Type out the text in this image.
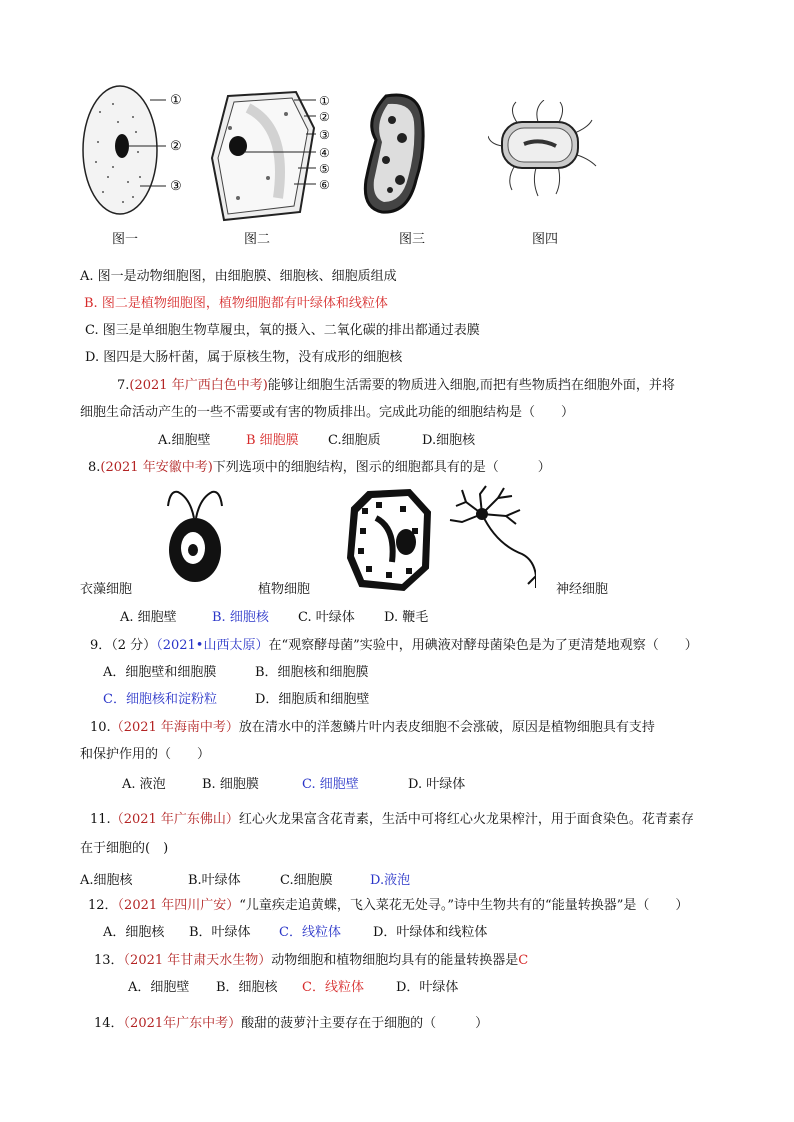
①
②
③
图一
①
②
③
④
⑤
⑥
图二	图三	图四
A. 图一是动物细胞图，由细胞膜、细胞核、细胞质组成
B. 图二是植物细胞图，植物细胞都有叶绿体和线粒体
C. 图三是单细胞生物草履虫，氧的摄入、二氧化碳的排出都通过表膜
D. 图四是大肠杆菌，属于原核生物，没有成形的细胞核
7.(2021 年广西白色中考)能够让细胞生活需要的物质进入细胞,而把有些物质挡在细胞外面，并将
细胞生命活动产生的一些不需要或有害的物质排出。完成此功能的细胞结构是（　　）
A.细胞壁	B 细胞膜 C.细胞质	D.细胞核
8.(2021 年安徽中考)下列选项中的细胞结构，图示的细胞都具有的是（　　　）
衣藻细胞	植物细胞	神经细胞
A. 细胞壁	B. 细胞核 C. 叶绿体 D. 鞭毛
9．（2 分）（2021•山西太原）在“观察酵母菌”实验中，用碘液对酵母菌染色是为了更清楚地观察（　　）
A．细胞壁和细胞膜	B．细胞核和细胞膜
C．细胞核和淀粉粒	D．细胞质和细胞壁
10.（2021 年海南中考）放在清水中的洋葱鳞片叶内表皮细胞不会涨破，原因是植物细胞具有支持
和保护作用的（　　）
A. 液泡	B. 细胞膜	C. 细胞壁	D. 叶绿体
11.（2021 年广东佛山）红心火龙果富含花青素，生活中可将红心火龙果榨汁，用于面食染色。花青素存
在于细胞的(　)
A.细胞核	B.叶绿体	C.细胞膜	D.液泡
12．（2021 年四川广安）“儿童疾走追黄蝶，飞入菜花无处寻。”诗中生物共有的“能量转换器”是（　　）
A．细胞核 B．叶绿体 C．线粒体 D．叶绿体和线粒体
13．（2021 年甘肃天水生物）动物细胞和植物细胞均具有的能量转换器是C
A．细胞壁 B．细胞核 C．线粒体 D．叶绿体
14．（2021年广东中考）酸甜的菠萝汁主要存在于细胞的（　　　）
